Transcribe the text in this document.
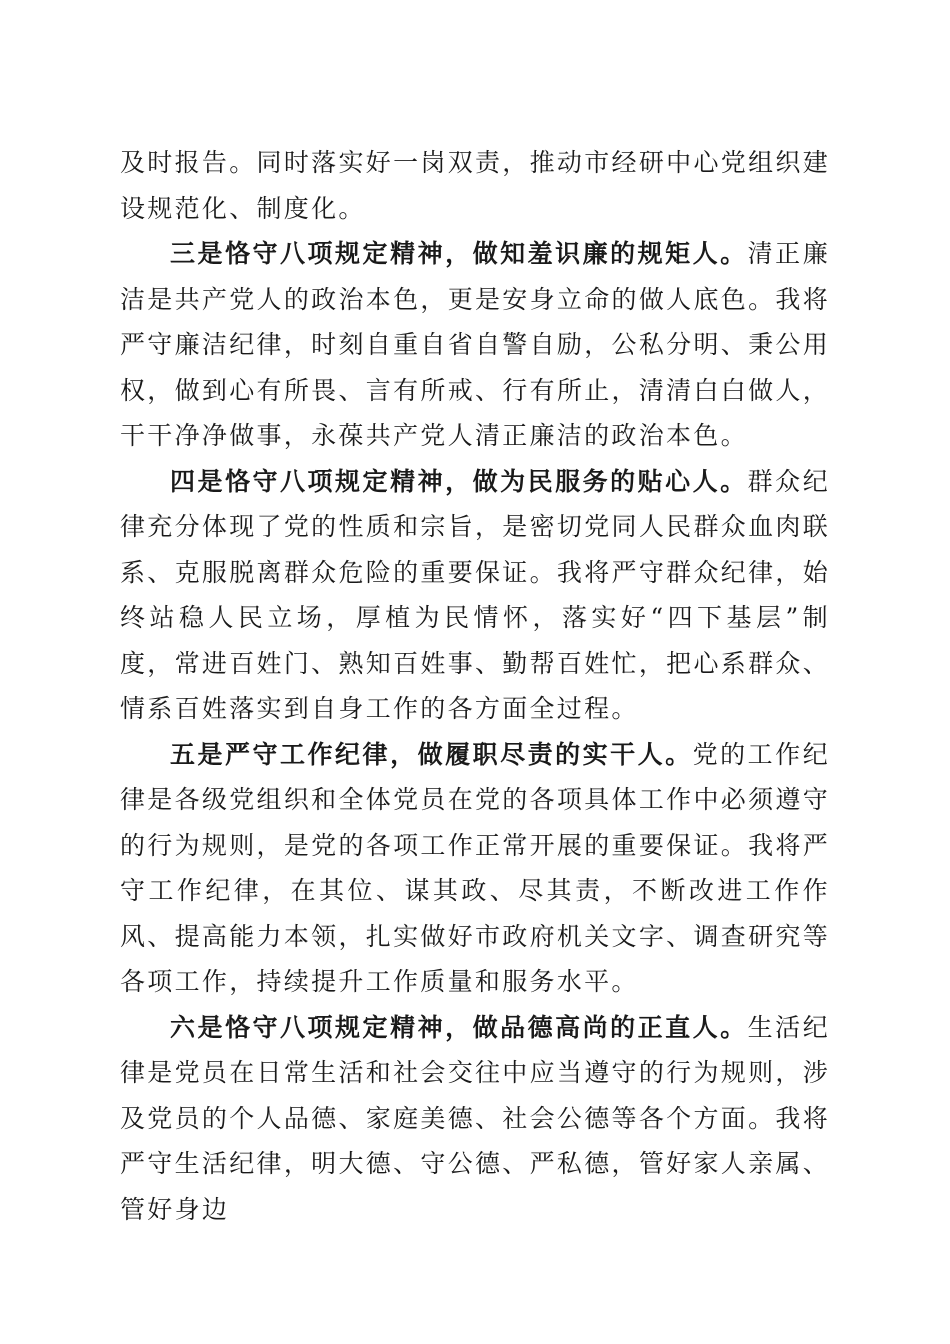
及时报告。同时落实好一岗双责，推动市经研中心党组织建设规范化、制度化。

三是恪守八项规定精神，做知羞识廉的规矩人。清正廉洁是共产党人的政治本色，更是安身立命的做人底色。我将严守廉洁纪律，时刻自重自省自警自励，公私分明、秉公用权，做到心有所畏、言有所戒、行有所止，清清白白做人，干干净净做事，永葆共产党人清正廉洁的政治本色。

四是恪守八项规定精神，做为民服务的贴心人。群众纪律充分体现了党的性质和宗旨，是密切党同人民群众血肉联系、克服脱离群众危险的重要保证。我将严守群众纪律，始终站稳人民立场，厚植为民情怀，落实好“四下基层”制度，常进百姓门、熟知百姓事、勤帮百姓忙，把心系群众、情系百姓落实到自身工作的各方面全过程。

五是严守工作纪律，做履职尽责的实干人。党的工作纪律是各级党组织和全体党员在党的各项具体工作中必须遵守的行为规则，是党的各项工作正常开展的重要保证。我将严守工作纪律，在其位、谋其政、尽其责，不断改进工作作风、提高能力本领，扎实做好市政府机关文字、调查研究等各项工作，持续提升工作质量和服务水平。

六是恪守八项规定精神，做品德高尚的正直人。生活纪律是党员在日常生活和社会交往中应当遵守的行为规则，涉及党员的个人品德、家庭美德、社会公德等各个方面。我将严守生活纪律，明大德、守公德、严私德，管好家人亲属、管好身边
